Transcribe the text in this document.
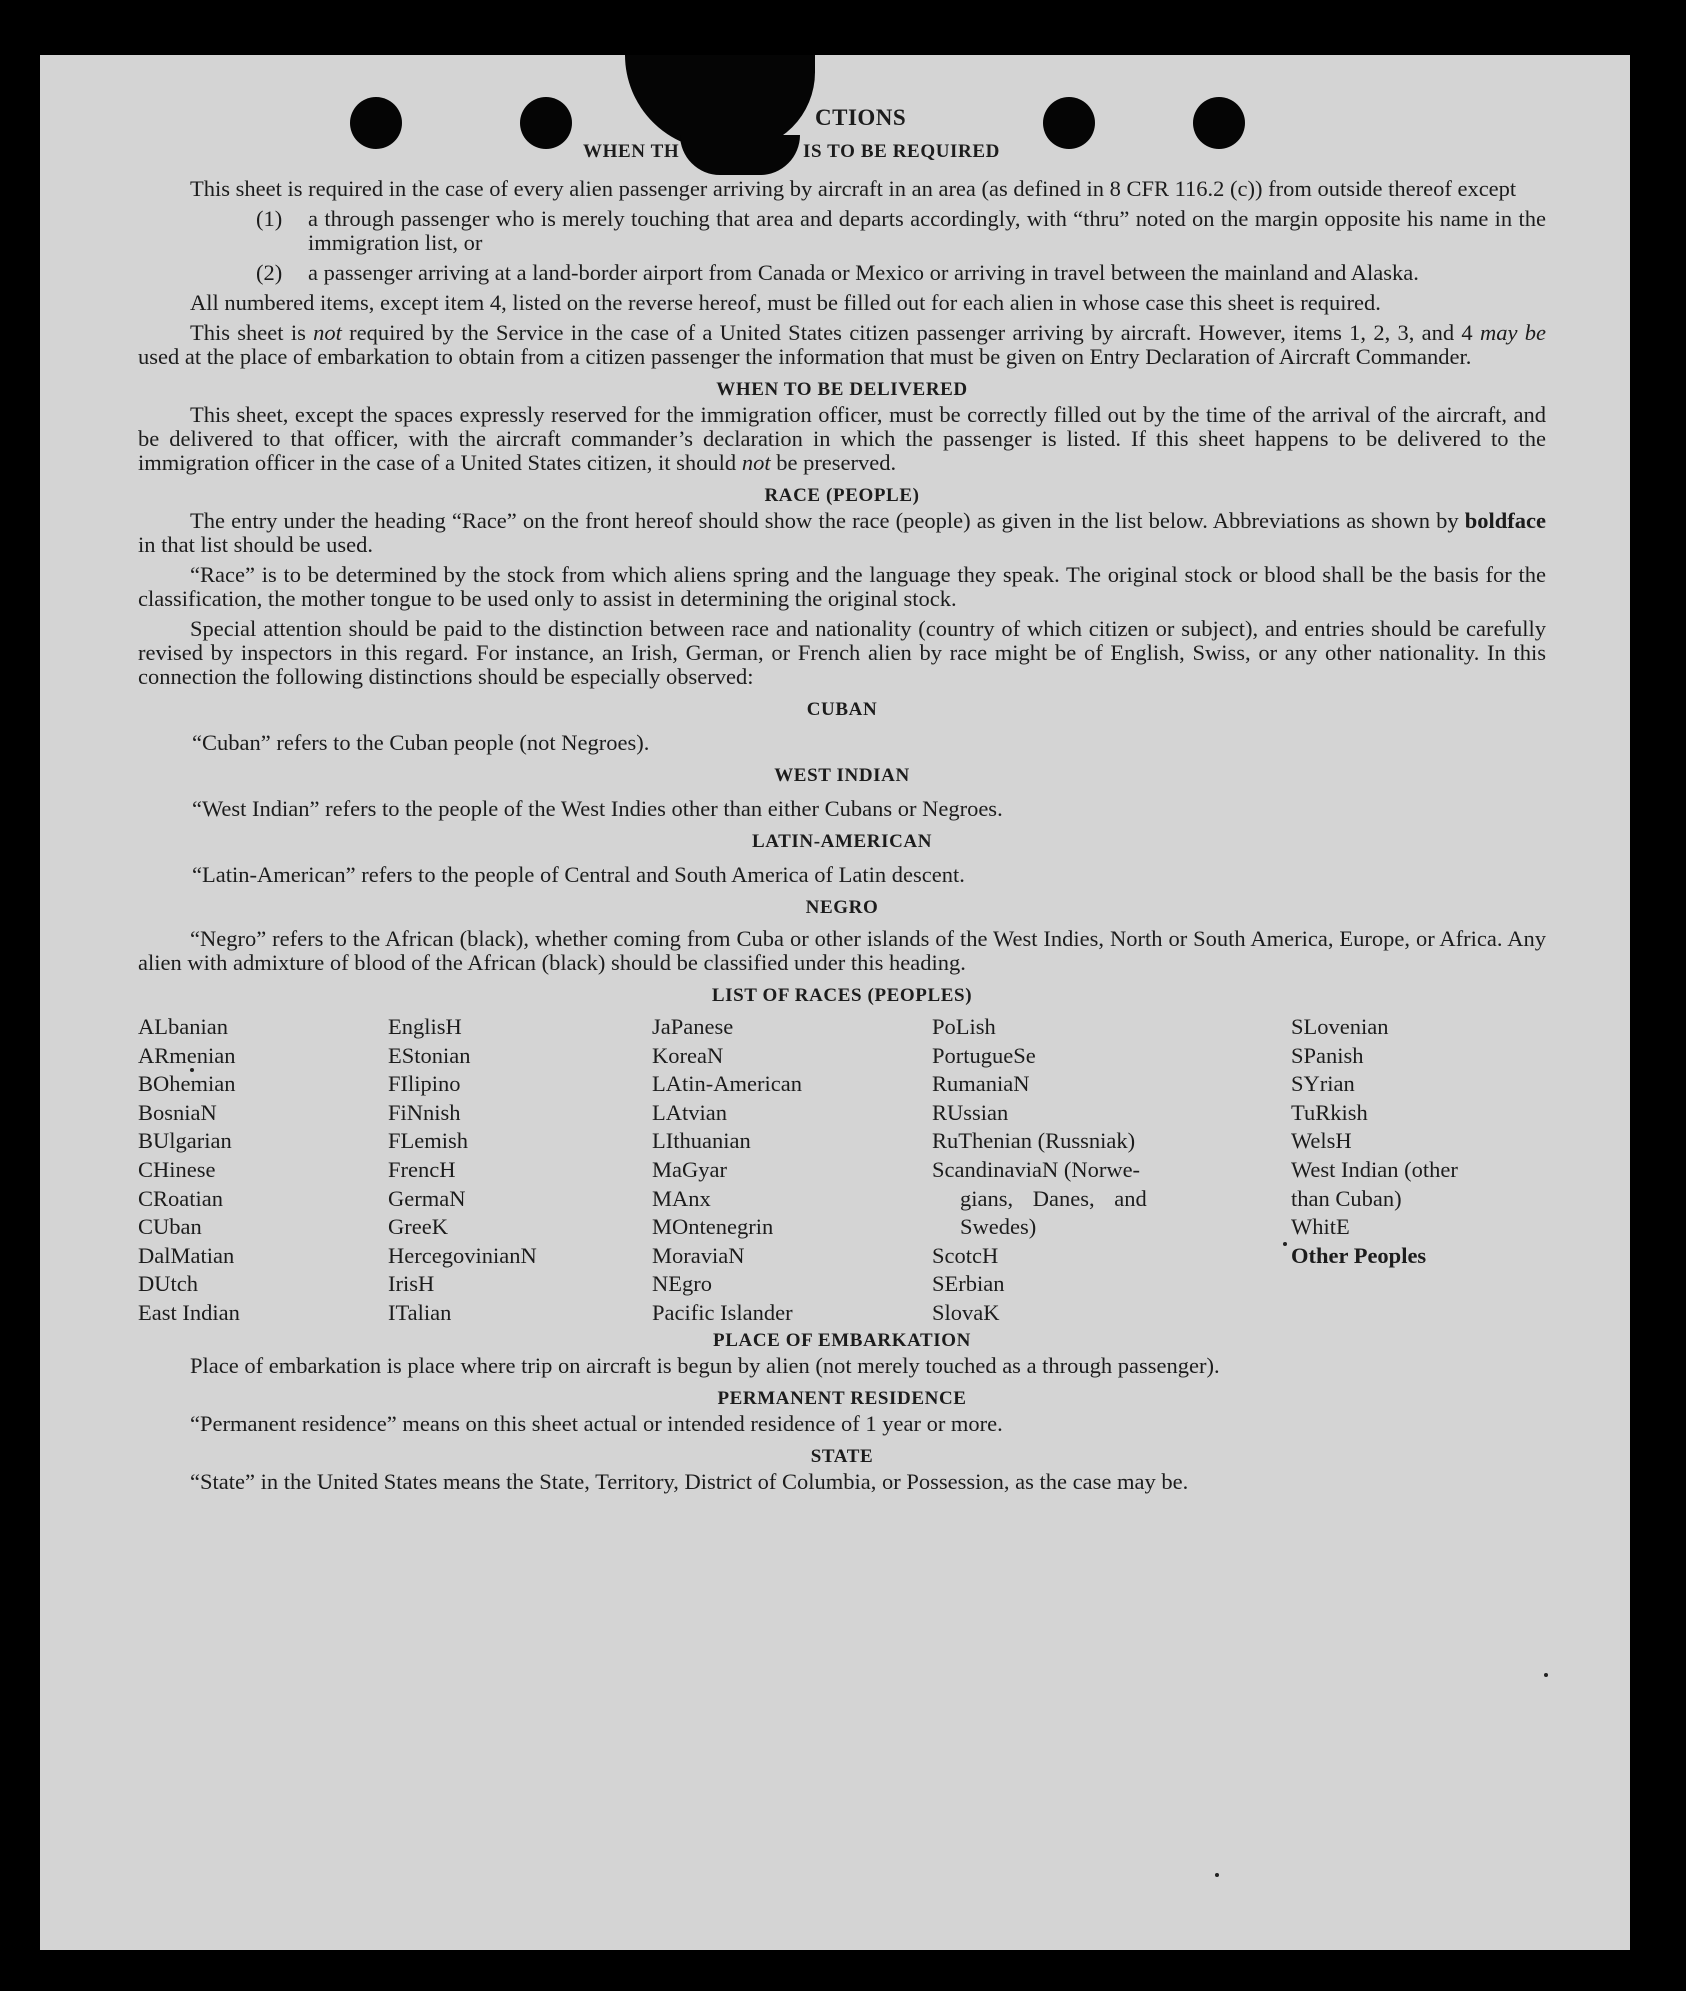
CTIONS
WHEN TH	IS TO BE REQUIRED

This sheet is required in the case of every alien passenger arriving by aircraft in an area (as defined in 8 CFR 116.2 (c)) from outside thereof except

(1) a through passenger who is merely touching that area and departs accordingly, with “thru” noted on the margin opposite his name in the immigration list, or
(2) a passenger arriving at a land-border airport from Canada or Mexico or arriving in travel between the mainland and Alaska.

All numbered items, except item 4, listed on the reverse hereof, must be filled out for each alien in whose case this sheet is required.

This sheet is not required by the Service in the case of a United States citizen passenger arriving by aircraft. However, items 1, 2, 3, and 4 may be used at the place of embarkation to obtain from a citizen passenger the information that must be given on Entry Declaration of Aircraft Commander.

WHEN TO BE DELIVERED

This sheet, except the spaces expressly reserved for the immigration officer, must be correctly filled out by the time of the arrival of the aircraft, and be delivered to that officer, with the aircraft commander’s declaration in which the passenger is listed. If this sheet happens to be delivered to the immigration officer in the case of a United States citizen, it should not be preserved.

RACE (PEOPLE)

The entry under the heading “Race” on the front hereof should show the race (people) as given in the list below. Abbreviations as shown by boldface in that list should be used.

“Race” is to be determined by the stock from which aliens spring and the language they speak. The original stock or blood shall be the basis for the classification, the mother tongue to be used only to assist in determining the original stock.

Special attention should be paid to the distinction between race and nationality (country of which citizen or subject), and entries should be carefully revised by inspectors in this regard. For instance, an Irish, German, or French alien by race might be of English, Swiss, or any other nationality. In this connection the following distinctions should be especially observed:

CUBAN

“Cuban” refers to the Cuban people (not Negroes).

WEST INDIAN

“West Indian” refers to the people of the West Indies other than either Cubans or Negroes.

LATIN-AMERICAN

“Latin-American” refers to the people of Central and South America of Latin descent.

NEGRO

“Negro” refers to the African (black), whether coming from Cuba or other islands of the West Indies, North or South America, Europe, or Africa. Any alien with admixture of blood of the African (black) should be classified under this heading.

LIST OF RACES (PEOPLES)
ALbanian
ARmenian
BOhemian
BosniaN
BUlgarian
CHinese
CRoatian
CUban
DalMatian
DUtch
East Indian
EnglisH
EStonian
FIlipino
FiNnish
FLemish
FrencH
GermaN
GreeK
HercegovinianN
IrisH
ITalian
JaPanese
KoreaN
LAtin-American
LAtvian
LIthuanian
MaGyar
MAnx
MOntenegrin
MoraviaN
NEgro
Pacific Islander
PoLish
PortugueSe
RumaniaN
RUssian
RuThenian (Russniak)
ScandinaviaN (Norwe-
gians, Danes, and
Swedes)
ScotcH
SErbian
SlovaK
SLovenian
SPanish
SYrian
TuRkish
WelsH
West Indian (other
than Cuban)
WhitE
Other Peoples
PLACE OF EMBARKATION

Place of embarkation is place where trip on aircraft is begun by alien (not merely touched as a through passenger).

PERMANENT RESIDENCE

“Permanent residence” means on this sheet actual or intended residence of 1 year or more.

STATE

“State” in the United States means the State, Territory, District of Columbia, or Possession, as the case may be.
